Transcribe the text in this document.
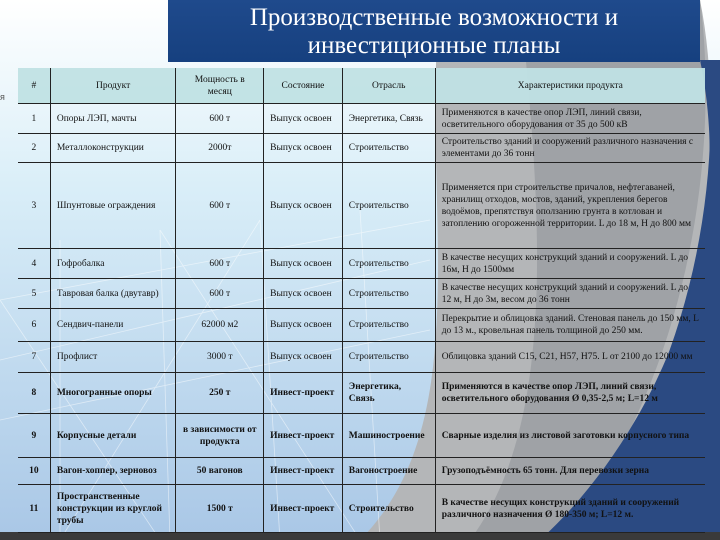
Производственные возможности и
инвестиционные планы
я
#	Продукт	Мощность в месяц	Состояние	Отрасль	Характеристики продукта
1	Опоры ЛЭП, мачты	600 т	Выпуск освоен	Энергетика, Связь	Применяются в качестве опор ЛЭП, линий связи, осветительного оборудования от 35 до 500 кВ
2	Металлоконструкции	2000т	Выпуск освоен	Строительство	Строительство зданий и сооружений различного назначения с элементами до 36 тонн
3	Шпунтовые ограждения	600 т	Выпуск освоен	Строительство	Применяется при строительстве причалов, нефтегаваней, хранилищ отходов, мостов, зданий, укрепления берегов водоёмов, препятствуя оползанию грунта в котлован и затоплению огороженной территории. L до 18 м, H до 800 мм
4	Гофробалка	600 т	Выпуск освоен	Строительство	В качестве несущих конструкций зданий и сооружений. L до 16м, H до 1500мм
5	Тавровая балка (двутавр)	600 т	Выпуск освоен	Строительство	В качестве несущих конструкций зданий и сооружений. L до 12 м, H до 3м, весом до 36 тонн
6	Сендвич-панели	62000 м2	Выпуск освоен	Строительство	Перекрытие и облицовка зданий. Стеновая панель до 150 мм, L до 13 м., кровельная панель толщиной до 250 мм.
7	Профлист	3000 т	Выпуск освоен	Строительство	Облицовка зданий С15, С21, Н57, Н75. L от 2100 до 12000 мм
8	Многогранные опоры	250 т	Инвест-проект	Энергетика, Связь	Применяются в качестве опор ЛЭП, линий связи, осветительного оборудования Ø 0,35-2,5 м; L=12 м
9	Корпусные детали	в зависимости от продукта	Инвест-проект	Машиностроение	Сварные изделия из листовой заготовки корпусного типа
10	Вагон-хоппер, зерновоз	50 вагонов	Инвест-проект	Вагоностроение	Грузоподъёмность 65 тонн. Для перевозки зерна
11	Пространственные конструкции из круглой трубы	1500 т	Инвест-проект	Строительство	В качестве несущих конструкций зданий и сооружений различного назначения Ø 180-350 м; L=12 м.
